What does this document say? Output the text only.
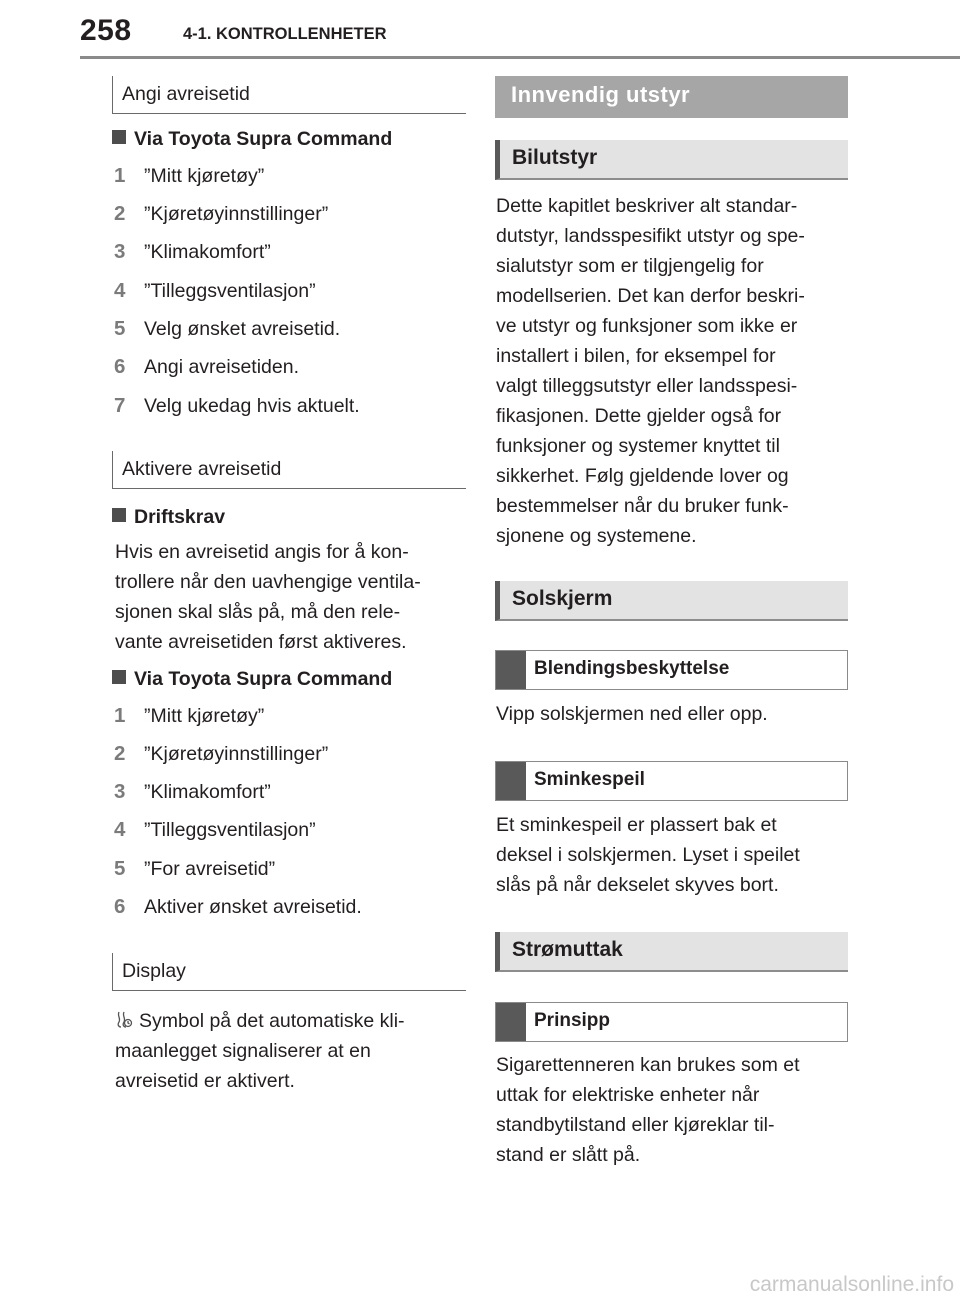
258	4-1. KONTROLLENHETER
Angi avreisetid
Via Toyota Supra Command
1 ”Mitt kjøretøy”
2 ”Kjøretøyinnstillinger”
3 ”Klimakomfort”
4 ”Tilleggsventilasjon”
5 Velg ønsket avreisetid.
6 Angi avreisetiden.
7 Velg ukedag hvis aktuelt.
Aktivere avreisetid
Driftskrav
Hvis en avreisetid angis for å kon-
trollere når den uavhengige ventila-
sjonen skal slås på, må den rele-
vante avreisetiden først aktiveres.
Via Toyota Supra Command
1 ”Mitt kjøretøy”
2 ”Kjøretøyinnstillinger”
3 ”Klimakomfort”
4 ”Tilleggsventilasjon”
5 ”For avreisetid”
6 Aktiver ønsket avreisetid.
Display
Symbol på det automatiske kli-
maanlegget signaliserer at en
avreisetid er aktivert.
Innvendig utstyr
Bilutstyr
Dette kapitlet beskriver alt standar-
dutstyr, landsspesifikt utstyr og spe-
sialutstyr som er tilgjengelig for
modellserien. Det kan derfor beskri-
ve utstyr og funksjoner som ikke er
installert i bilen, for eksempel for
valgt tilleggsutstyr eller landsspesi-
fikasjonen. Dette gjelder også for
funksjoner og systemer knyttet til
sikkerhet. Følg gjeldende lover og
bestemmelser når du bruker funk-
sjonene og systemene.
Solskjerm
Blendingsbeskyttelse
Vipp solskjermen ned eller opp.
Sminkespeil
Et sminkespeil er plassert bak et
deksel i solskjermen. Lyset i speilet
slås på når dekselet skyves bort.
Strømuttak
Prinsipp
Sigarettenneren kan brukes som et
uttak for elektriske enheter når
standbytilstand eller kjøreklar til-
stand er slått på.
carmanualsonline.info
